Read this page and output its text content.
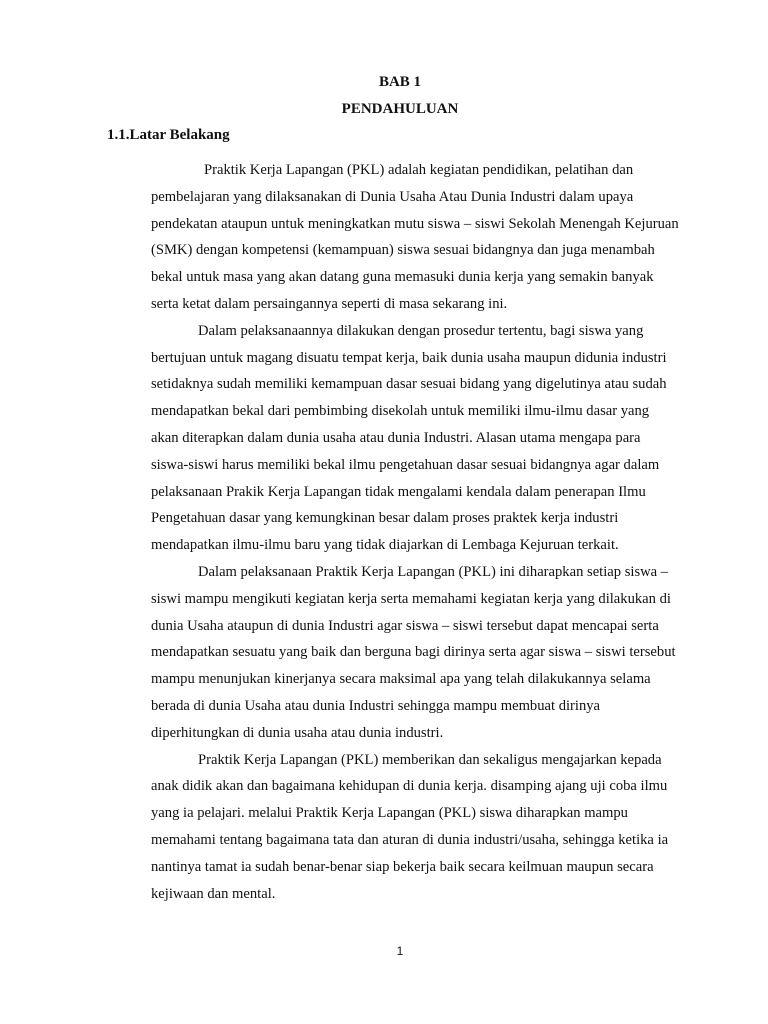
BAB 1
PENDAHULUAN
1.1.Latar Belakang

Praktik Kerja Lapangan (PKL) adalah kegiatan pendidikan, pelatihan dan
pembelajaran yang dilaksanakan di Dunia Usaha Atau Dunia Industri dalam upaya
pendekatan ataupun untuk meningkatkan mutu siswa – siswi Sekolah Menengah Kejuruan
(SMK) dengan kompetensi (kemampuan) siswa sesuai bidangnya dan juga menambah
bekal untuk masa yang akan datang guna memasuki dunia kerja yang semakin banyak
serta ketat dalam persaingannya seperti di masa sekarang ini.

Dalam pelaksanaannya dilakukan dengan prosedur tertentu, bagi siswa yang
bertujuan untuk magang disuatu tempat kerja, baik dunia usaha maupun didunia industri
setidaknya sudah memiliki kemampuan dasar sesuai bidang yang digelutinya atau sudah
mendapatkan bekal dari pembimbing disekolah untuk memiliki ilmu-ilmu dasar yang
akan diterapkan dalam dunia usaha atau dunia Industri. Alasan utama mengapa para
siswa-siswi harus memiliki bekal ilmu pengetahuan dasar sesuai bidangnya agar dalam
pelaksanaan Prakik Kerja Lapangan tidak mengalami kendala dalam penerapan Ilmu
Pengetahuan dasar yang kemungkinan besar dalam proses praktek kerja industri
mendapatkan ilmu-ilmu baru yang tidak diajarkan di Lembaga Kejuruan terkait.

Dalam pelaksanaan Praktik Kerja Lapangan (PKL) ini diharapkan setiap siswa –
siswi mampu mengikuti kegiatan kerja serta memahami kegiatan kerja yang dilakukan di
dunia Usaha ataupun di dunia Industri agar siswa – siswi tersebut dapat mencapai serta
mendapatkan sesuatu yang baik dan berguna bagi dirinya serta agar siswa – siswi tersebut
mampu menunjukan kinerjanya secara maksimal apa yang telah dilakukannya selama
berada di dunia Usaha atau dunia Industri sehingga mampu membuat dirinya
diperhitungkan di dunia usaha atau dunia industri.

Praktik Kerja Lapangan (PKL) memberikan dan sekaligus mengajarkan kepada
anak didik akan dan bagaimana kehidupan di dunia kerja. disamping ajang uji coba ilmu
yang ia pelajari. melalui Praktik Kerja Lapangan (PKL) siswa diharapkan mampu
memahami tentang bagaimana tata dan aturan di dunia industri/usaha, sehingga ketika ia
nantinya tamat ia sudah benar-benar siap bekerja baik secara keilmuan maupun secara
kejiwaan dan mental.

1
